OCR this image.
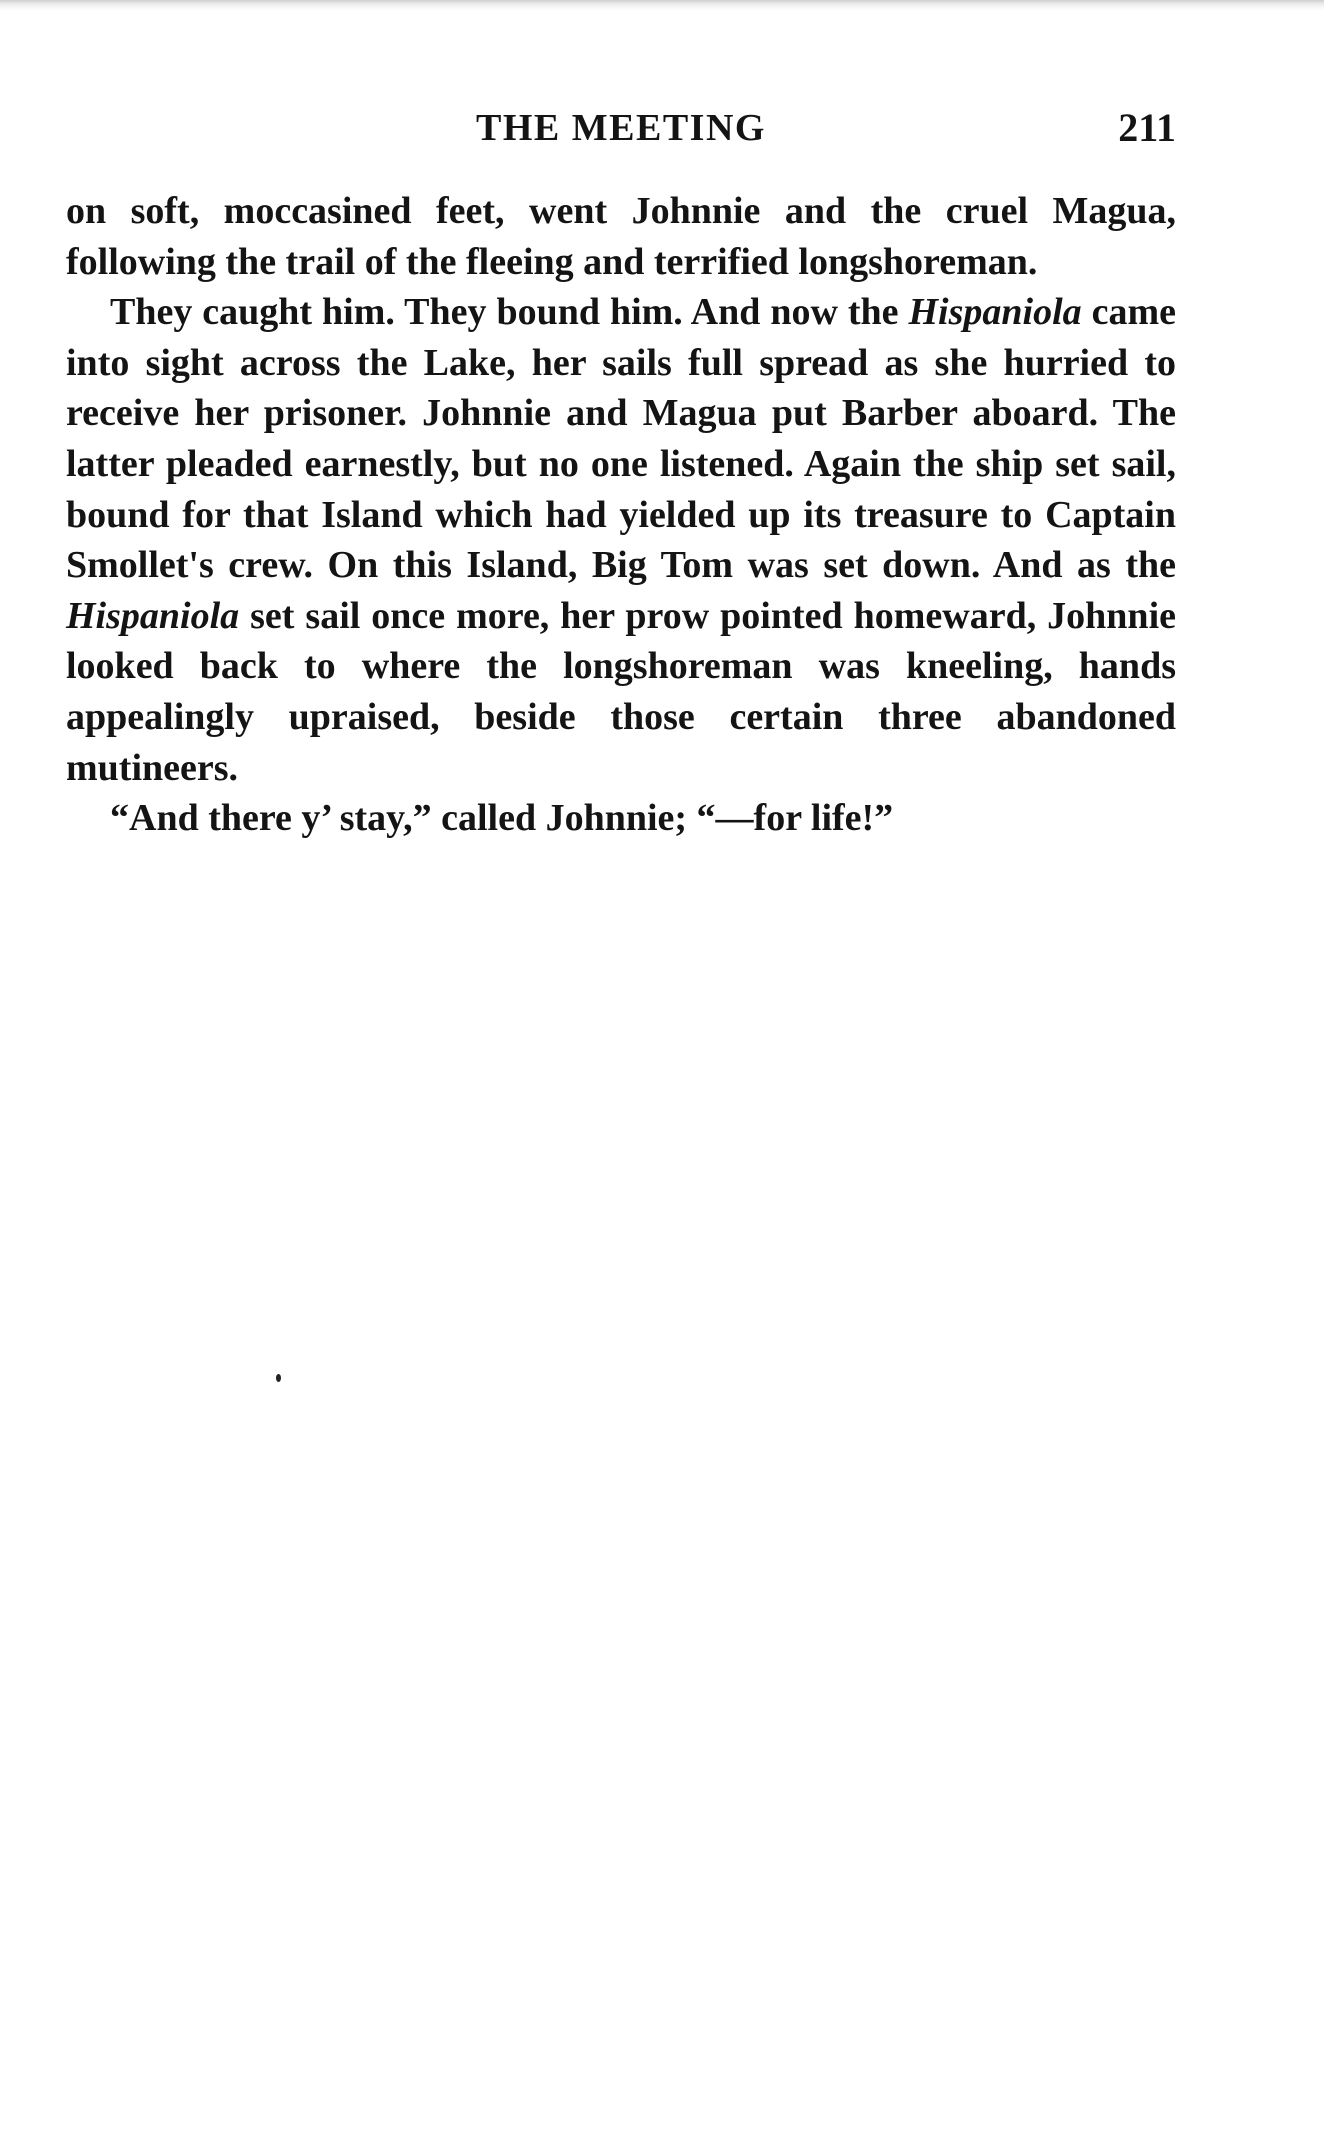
THE MEETING	211

on soft, moccasined feet, went Johnnie and the cruel Magua, following the trail of the fleeing and terrified longshoreman.

They caught him. They bound him. And now the Hispaniola came into sight across the Lake, her sails full spread as she hurried to receive her prisoner. Johnnie and Magua put Barber aboard. The latter pleaded earnestly, but no one listened. Again the ship set sail, bound for that Island which had yielded up its treasure to Captain Smollet's crew. On this Island, Big Tom was set down. And as the Hispaniola set sail once more, her prow pointed homeward, Johnnie looked back to where the longshoreman was kneeling, hands appealingly upraised, beside those certain three abandoned mutineers.

“And there y’ stay,” called Johnnie; “—for life!”
